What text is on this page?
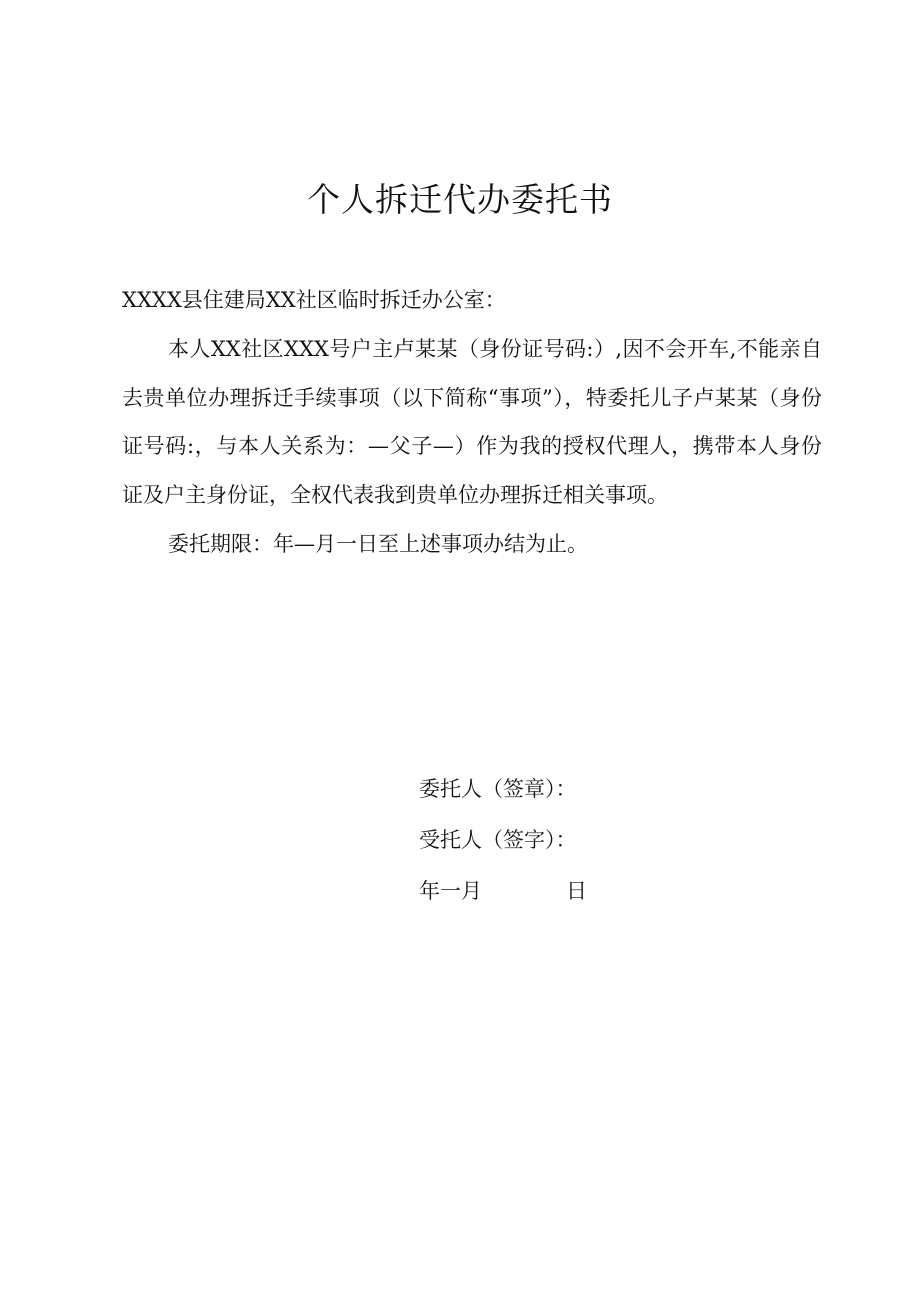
个人拆迁代办委托书

XXXX县住建局XX社区临时拆迁办公室：

本人XX社区XXX号户主卢某某（身份证号码:）,因不会开车,不能亲自去贵单位办理拆迁手续事项（以下简称“事项”），特委托儿子卢某某（身份证号码:，与本人关系为：—父子—）作为我的授权代理人，携带本人身份证及户主身份证，全权代表我到贵单位办理拆迁相关事项。

委托期限：年—月一日至上述事项办结为止。

委托人（签章）：
受托人（签字）：
年一月　　　　日
